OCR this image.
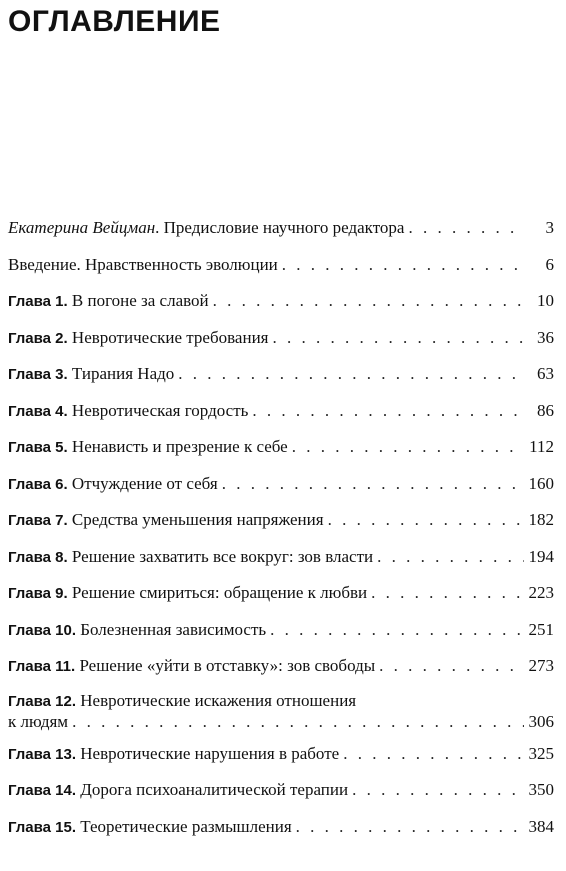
ОГЛАВЛЕНИЕ
Екатерина Вейцман. Предисловие научного редактора . . .	3
Введение. Нравственность эволюции . . .	6
Глава 1. В погоне за славой . . .	10
Глава 2. Невротические требования . . .	36
Глава 3. Тирания Надо . . .	63
Глава 4. Невротическая гордость . . .	86
Глава 5. Ненависть и презрение к себе . . .	112
Глава 6. Отчуждение от себя . . .	160
Глава 7. Средства уменьшения напряжения . . .	182
Глава 8. Решение захватить все вокруг: зов власти . . .	194
Глава 9. Решение смириться: обращение к любви . . .	223
Глава 10. Болезненная зависимость . . .	251
Глава 11. Решение «уйти в отставку»: зов свободы . . .	273
Глава 12. Невротические искажения отношения
к людям . . .	306
Глава 13. Невротические нарушения в работе . . .	325
Глава 14. Дорога психоаналитической терапии . . .	350
Глава 15. Теоретические размышления . . .	384
